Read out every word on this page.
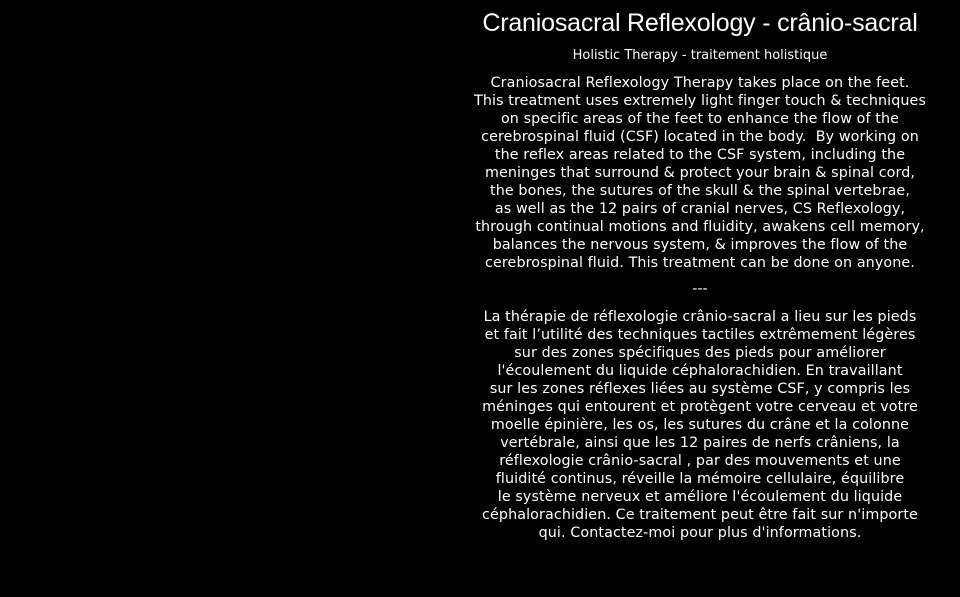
Craniosacral Reflexology - crânio-sacral
Holistic Therapy - traitement holistique

Craniosacral Reflexology Therapy takes place on the feet.
This treatment uses extremely light finger touch & techniques
on specific areas of the feet to enhance the flow of the
cerebrospinal fluid (CSF) located in the body.  By working on
the reflex areas related to the CSF system, including the
meninges that surround & protect your brain & spinal cord,
the bones, the sutures of the skull & the spinal vertebrae,
as well as the 12 pairs of cranial nerves, CS Reflexology,
through continual motions and fluidity, awakens cell memory,
balances the nervous system, & improves the flow of the
cerebrospinal fluid. This treatment can be done on anyone.

---

La thérapie de réflexologie crânio-sacral a lieu sur les pieds
et fait l’utilité des techniques tactiles extrêmement légères
sur des zones spécifiques des pieds pour améliorer
l'écoulement du liquide céphalorachidien. En travaillant
sur les zones réflexes liées au système CSF, y compris les
méninges qui entourent et protègent votre cerveau et votre
moelle épinière, les os, les sutures du crâne et la colonne
vertébrale, ainsi que les 12 paires de nerfs crâniens, la
réflexologie crânio-sacral , par des mouvements et une
fluidité continus, réveille la mémoire cellulaire, équilibre
le système nerveux et améliore l'écoulement du liquide
céphalorachidien. Ce traitement peut être fait sur n'importe
qui. Contactez-moi pour plus d'informations.
